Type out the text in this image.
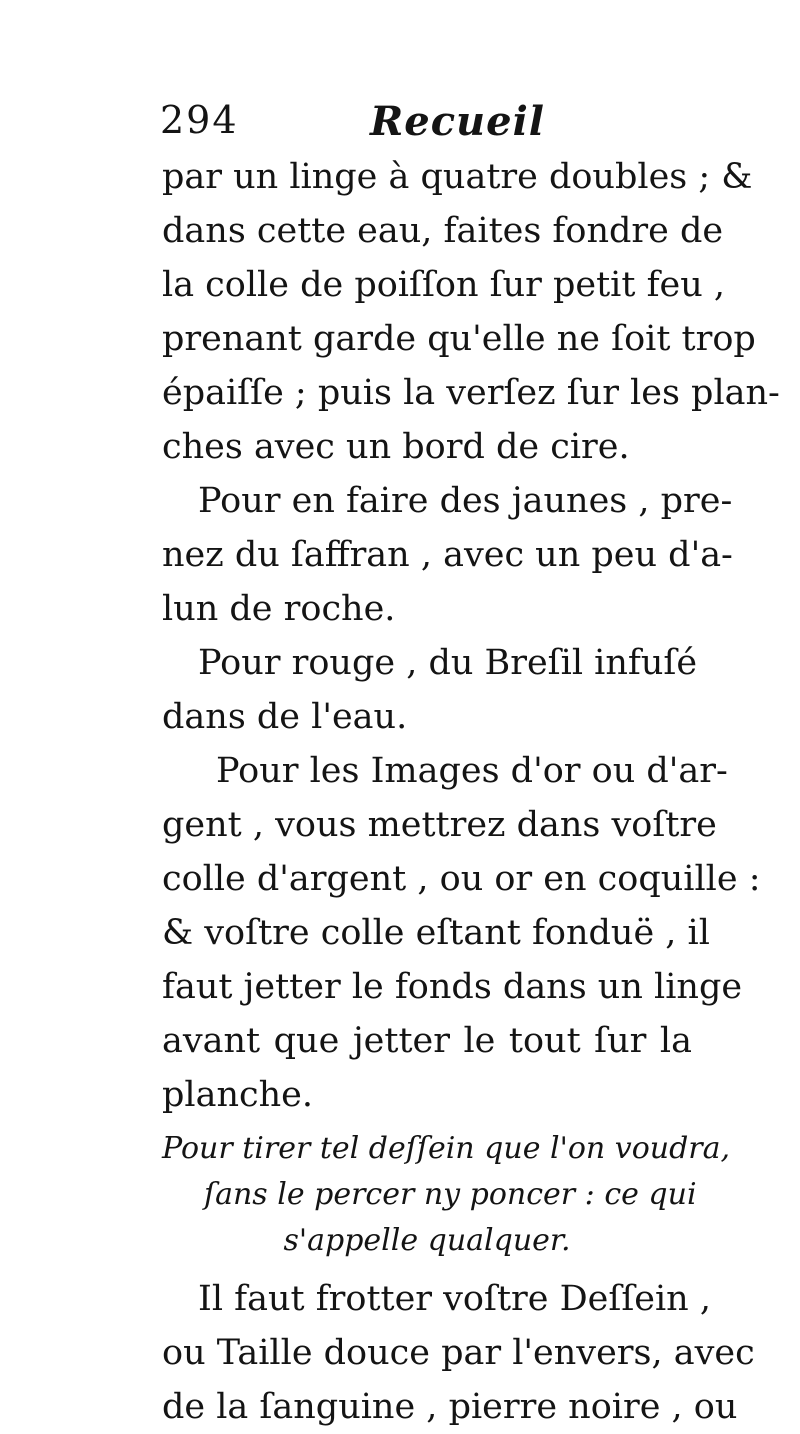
294	Recueil
par un linge à quatre doubles ; &
dans cette eau, faites fondre de
la colle de poiſſon ſur petit feu ,
prenant garde qu'elle ne ſoit trop
épaiſſe ; puis la verſez ſur les plan-
ches avec un bord de cire.
Pour en faire des jaunes , pre-
nez du ſaffran , avec un peu d'a-
lun de roche.
Pour rouge , du Breſil infuſé
dans de l'eau.
Pour les Images d'or ou d'ar-
gent , vous mettrez dans voſtre
colle d'argent , ou or en coquille :
& voſtre colle eſtant fonduë , il
faut jetter le fonds dans un linge
avant que jetter le tout ſur la
planche.
Pour tirer tel deſſein que l'on voudra,
ſans le percer ny poncer : ce qui
s'appelle qualquer.
Il faut frotter voſtre Deſſein ,
ou Taille douce par l'envers, avec
de la ſanguine , pierre noire , ou
